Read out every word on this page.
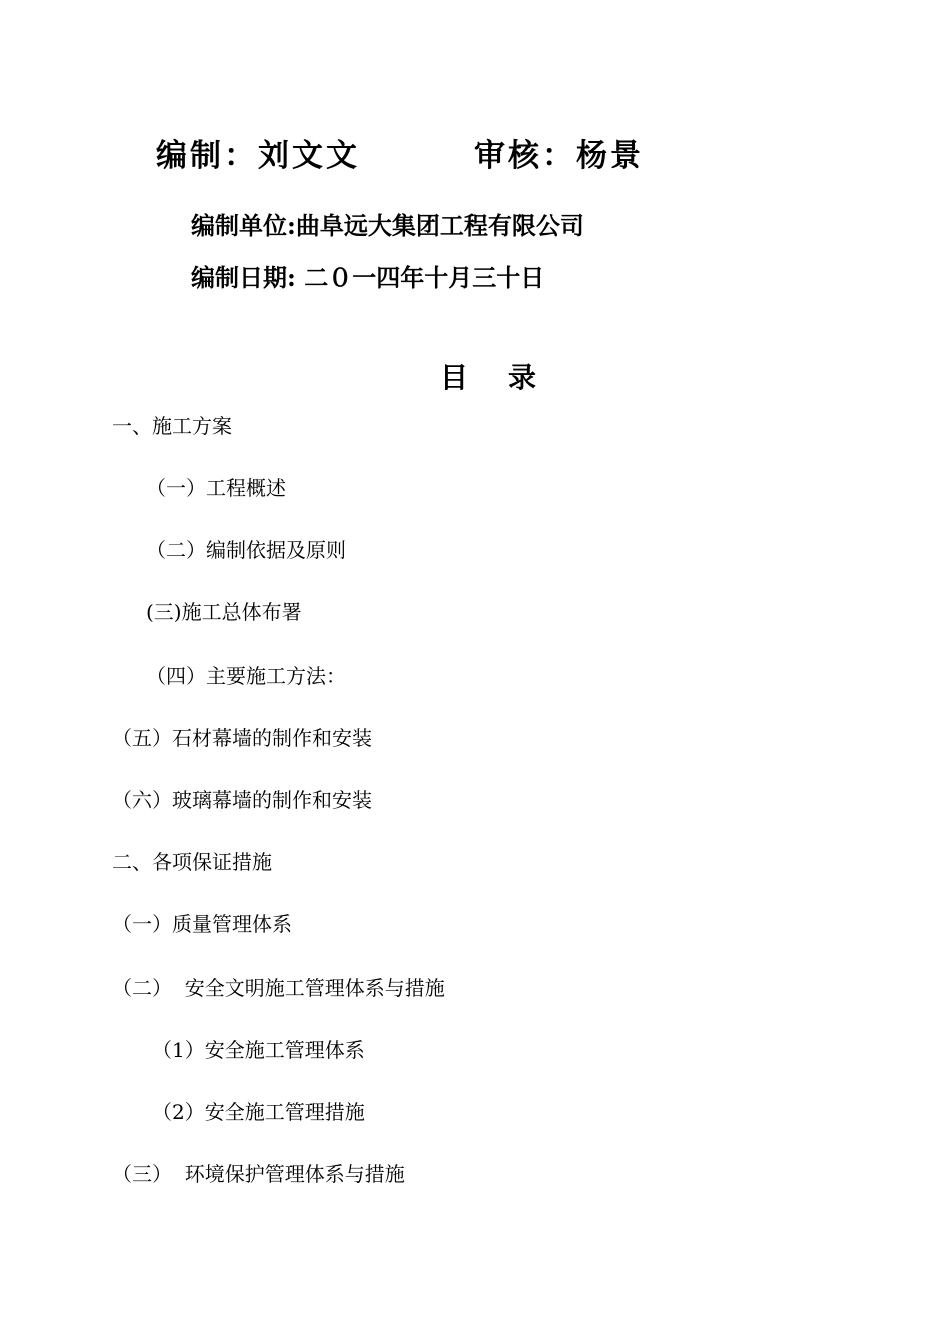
编制：刘文文	审核：杨景
编制单位:曲阜远大集团工程有限公司
编制日期: 二０一四年十月三十日
目 录
一、施工方案
（一）工程概述
（二）编制依据及原则
(三)施工总体布署
（四）主要施工方法：
（五）石材幕墙的制作和安装
（六）玻璃幕墙的制作和安装
二、各项保证措施
（一）质量管理体系
（二）  安全文明施工管理体系与措施
（1）安全施工管理体系
（2）安全施工管理措施
（三）  环境保护管理体系与措施
